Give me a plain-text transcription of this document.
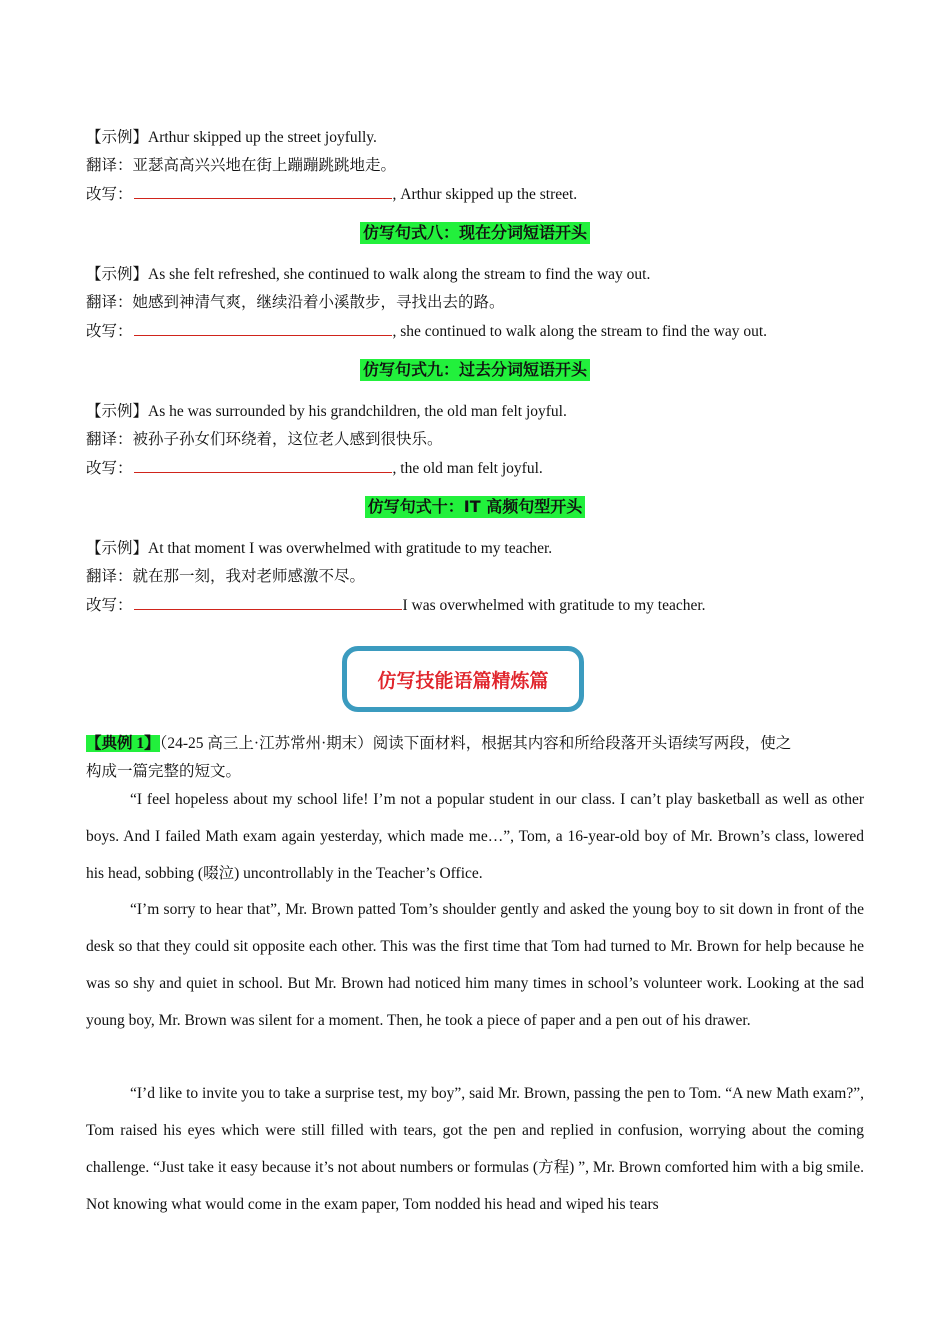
【示例】Arthur skipped up the street joyfully.
翻译：亚瑟高高兴兴地在街上蹦蹦跳跳地走。
改写：	, Arthur skipped up the street.
仿写句式八：现在分词短语开头
【示例】As she felt refreshed, she continued to walk along the stream to find the way out.
翻译：她感到神清气爽，继续沿着小溪散步，寻找出去的路。
改写：	, she continued to walk along the stream to find the way out.
仿写句式九：过去分词短语开头
【示例】As he was surrounded by his grandchildren, the old man felt joyful.
翻译：被孙子孙女们环绕着，这位老人感到很快乐。
改写：	, the old man felt joyful.
仿写句式十：IT 高频句型开头
【示例】At that moment I was overwhelmed with gratitude to my teacher.
翻译：就在那一刻，我对老师感激不尽。
改写：	I was overwhelmed with gratitude to my teacher.
【典例 1】（24-25 高三上·江苏常州·期末）阅读下面材料，根据其内容和所给段落开头语续写两段，使之
构成一篇完整的短文。
“I feel hopeless about my school life! I’m not a popular student in our class. I can’t play basketball as well as other boys. And I failed Math exam again yesterday, which made me…”, Tom, a 16-year-old boy of Mr. Brown’s class, lowered his head, sobbing (啜泣) uncontrollably in the Teacher’s Office.
“I’m sorry to hear that”, Mr. Brown patted Tom’s shoulder gently and asked the young boy to sit down in front of the desk so that they could sit opposite each other. This was the first time that Tom had turned to Mr. Brown for help because he was so shy and quiet in school. But Mr. Brown had noticed him many times in school’s volunteer work. Looking at the sad young boy, Mr. Brown was silent for a moment. Then, he took a piece of paper and a pen out of his drawer.
“I’d like to invite you to take a surprise test, my boy”, said Mr. Brown, passing the pen to Tom. “A new Math exam?”, Tom raised his eyes which were still filled with tears, got the pen and replied in confusion, worrying about the coming challenge. “Just take it easy because it’s not about numbers or formulas (方程) ”, Mr. Brown comforted him with a big smile. Not knowing what would come in the exam paper, Tom nodded his head and wiped his tears
仿写技能语篇精炼篇
